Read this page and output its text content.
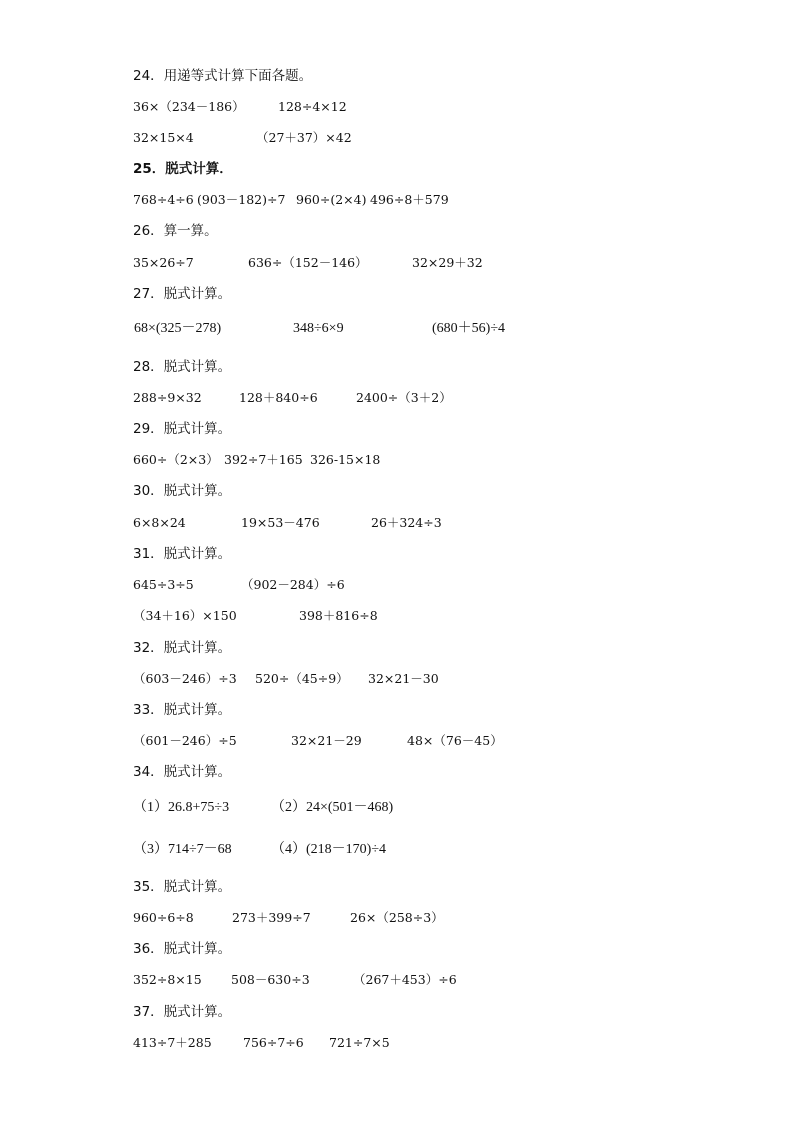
24．用递等式计算下面各题。
36×（234－186）	128÷4×12
32×15×4	（27＋37）×42
25．脱式计算．
768÷4÷6 (903－182)÷7 960÷(2×4) 496÷8＋579
26．算一算。
35×26÷7	636÷（152－146）	32×29＋32
27．脱式计算。
68×(325－278)	348÷6×9	(680＋56)÷4
28．脱式计算。
288÷9×32	128＋840÷6	2400÷（3＋2）
29．脱式计算。
660÷（2×3） 392÷7＋165 326-15×18
30．脱式计算。
6×8×24	19×53－476	26＋324÷3
31．脱式计算。
645÷3÷5	（902－284）÷6
（34＋16）×150	398＋816÷8
32．脱式计算。
（603－246）÷3 520÷（45÷9） 32×21－30
33．脱式计算。
（601－246）÷5	32×21－29	48×（76－45）
34．脱式计算。
（1）26.8+75÷3	（2）24×(501－468)
（3）714÷7－68	（4）(218－170)÷4
35．脱式计算。
960÷6÷8	273＋399÷7	26×（258÷3）
36．脱式计算。
352÷8×15 508－630÷3	（267＋453）÷6
37．脱式计算。
413÷7＋285	756÷7÷6 721÷7×5
